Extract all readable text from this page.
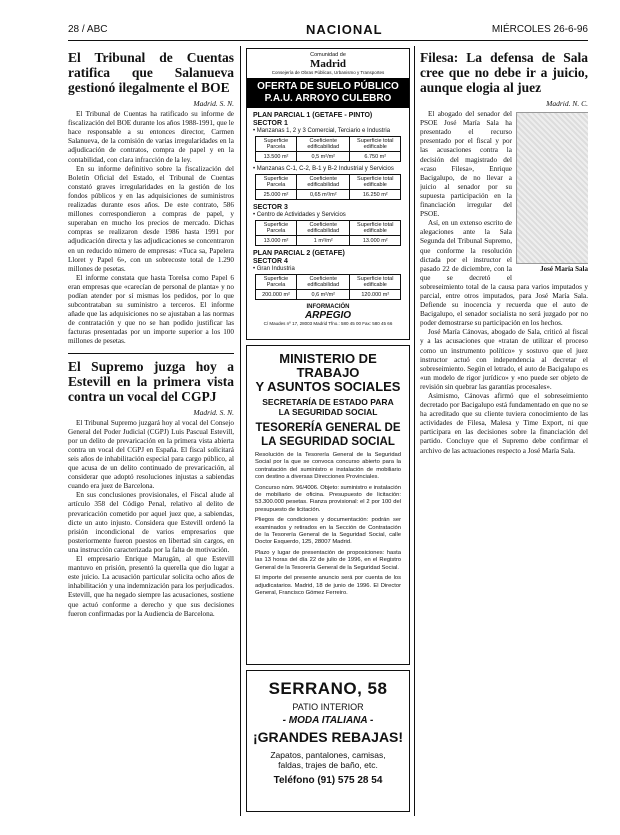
28 / ABC	NACIONAL	MIÉRCOLES 26-6-96
El Tribunal de Cuentas ratifica que Salanueva gestionó ilegalmente el BOE
Madrid. S. N.

El Tribunal de Cuentas ha ratificado su informe de fiscalización del BOE durante los años 1988-1991, que le hace responsable a su entonces director, Carmen Salanueva, de la comisión de varias irregularidades en la adjudicación de contratos, compra de papel y en la contabilidad, con clara infracción de la ley.

En su informe definitivo sobre la fiscalización del Boletín Oficial del Estado, el Tribunal de Cuentas constató graves irregularidades en la gestión de los fondos públicos y en las adquisiciones de suministros realizadas durante esos años. De este contrato, 586 millones correspondieron a compras de papel, y superaban en mucho los precios de mercado. Dichas compras se realizaron desde 1986 hasta 1991 por adjudicación directa y las adjudicaciones se concentraron en un reducido número de empresas: «Tuca sa, Papelera Lloret y Papel 6», con un sobrecoste total de 1.290 millones de pesetas.

El informe constata que hasta Torelsa como Papel 6 eran empresas que «carecían de personal de planta» y no podían atender por sí mismas los pedidos, por lo que subcontrataban su suministro a terceros. El informe añade que las adquisiciones no se ajustaban a las normas de contratación y que no se han podido justificar las facturas presentadas por un importe superior a los 100 millones de pesetas.

El Supremo juzga hoy a Estevill en la primera vista contra un vocal del CGPJ
Madrid. S. N.

El Tribunal Supremo juzgará hoy al vocal del Consejo General del Poder Judicial (CGPJ) Luis Pascual Estevill, por un delito de prevaricación en la primera vista abierta contra un vocal del CGPJ en España. El fiscal solicitará seis años de inhabilitación especial para cargo público, al que acusa de un delito continuado de prevaricación, al considerar que adoptó resoluciones injustas a sabiendas cuando era juez de Barcelona.

En sus conclusiones provisionales, el Fiscal alude al artículo 358 del Código Penal, relativo al delito de prevaricación cometido por aquel juez que, a sabiendas, dicte un auto injusto. Considera que Estevill ordenó la prisión incondicional de varios empresarios que posteriormente fueron puestos en libertad sin cargos, en una instrucción caracterizada por la falta de motivación.

El empresario Enrique Marugán, al que Estevill mantuvo en prisión, presentó la querella que dio lugar a este juicio. La acusación particular solicita ocho años de inhabilitación y una indemnización para los perjudicados. Estevill, que ha negado siempre las acusaciones, sostiene que actuó conforme a derecho y que sus decisiones fueron confirmadas por la Audiencia de Barcelona.

Comunidad de
Madrid
Consejería de Obras Públicas, Urbanismo y Transportes
OFERTA DE SUELO PÚBLICO
P.A.U. ARROYO CULEBRO
PLAN PARCIAL 1 (GETAFE - PINTO)
SECTOR 1
• Manzanas 1, 2 y 3 Comercial, Terciario e Industria
Superficie Parcela	Coeficiente edificabilidad	Superficie total edificable
13.500 m²	0,5 m²/m²	6.750 m²
• Manzanas C-1, C-2, B-1 y B-2 Industrial y Servicios
Superficie Parcela	Coeficiente edificabilidad	Superficie total edificable
25.000 m²	0,65 m²/m²	16.250 m²
SECTOR 3
• Centro de Actividades y Servicios
Superficie Parcela	Coeficiente edificabilidad	Superficie total edificable
13.000 m²	1 m²/m²	13.000 m²
PLAN PARCIAL 2 (GETAFE)
SECTOR 4
• Gran Industria
Superficie Parcela	Coeficiente edificabilidad	Superficie total edificable
200.000 m²	0,6 m²/m²	120.000 m²
INFORMACIÓN
ARPEGIO
C/ Maudes nº 17, 28003 Madrid Tfno.: 580 45 00 Fax: 580 45 66
MINISTERIO DE TRABAJO
Y ASUNTOS SOCIALES
SECRETARÍA DE ESTADO PARA
LA SEGURIDAD SOCIAL
TESORERÍA GENERAL DE
LA SEGURIDAD SOCIAL
Resolución de la Tesorería General de la Seguridad Social por la que se convoca concurso abierto para la contratación del suministro e instalación de mobiliario con destino a diversas Direcciones Provinciales.
Concurso núm. 96/4006. Objeto: suministro e instalación de mobiliario de oficina. Presupuesto de licitación: 53.300.000 pesetas. Fianza provisional: el 2 por 100 del presupuesto de licitación.
Pliegos de condiciones y documentación: podrán ser examinados y retirados en la Sección de Contratación de la Tesorería General de la Seguridad Social, calle Doctor Esquerdo, 125, 28007 Madrid.
Plazo y lugar de presentación de proposiciones: hasta las 13 horas del día 22 de julio de 1996, en el Registro General de la Tesorería General de la Seguridad Social.
El importe del presente anuncio será por cuenta de los adjudicatarios. Madrid, 18 de junio de 1996. El Director General, Francisco Gómez Ferreiro.
SERRANO, 58
PATIO INTERIOR
- MODA ITALIANA -
¡GRANDES REBAJAS!
Zapatos, pantalones, camisas,
faldas, trajes de baño, etc.
Teléfono (91) 575 28 54
Filesa: La defensa de Sala cree que no debe ir a juicio, aunque elogia al juez
Madrid. N. C.
José María Sala

El abogado del senador del PSOE José María Sala ha presentado el recurso presentado por el fiscal y por las acusaciones contra la decisión del magistrado del «caso Filesa», Enrique Bacigalupo, de no llevar a juicio al senador por su supuesta participación en la financiación irregular del PSOE.

Así, en un extenso escrito de alegaciones ante la Sala Segunda del Tribunal Supremo, que conforme la resolución dictada por el instructor el pasado 22 de diciembre, con la que se decretó el sobreseimiento total de la causa para varios imputados y parcial, entre otros imputados, para José María Sala. Defiende su inocencia y recuerda que el auto de Bacigalupo, el senador socialista no será juzgado por no poder demostrarse su participación en los hechos.

José María Cánovas, abogado de Sala, criticó al fiscal y a las acusaciones que «tratan de utilizar el proceso como un instrumento político» y sostuvo que el juez instructor actuó con independencia al decretar el sobreseimiento. Según el letrado, el auto de Bacigalupo es «un modelo de rigor jurídico» y «no puede ser objeto de revisión sin quebrar las garantías procesales».

Asimismo, Cánovas afirmó que el sobreseimiento decretado por Bacigalupo está fundamentado en que no se ha acreditado que su cliente tuviera conocimiento de las actividades de Filesa, Malesa y Time Export, ni que participara en las decisiones sobre la financiación del partido. Concluye que el Supremo debe confirmar el archivo de las actuaciones respecto a José María Sala.
